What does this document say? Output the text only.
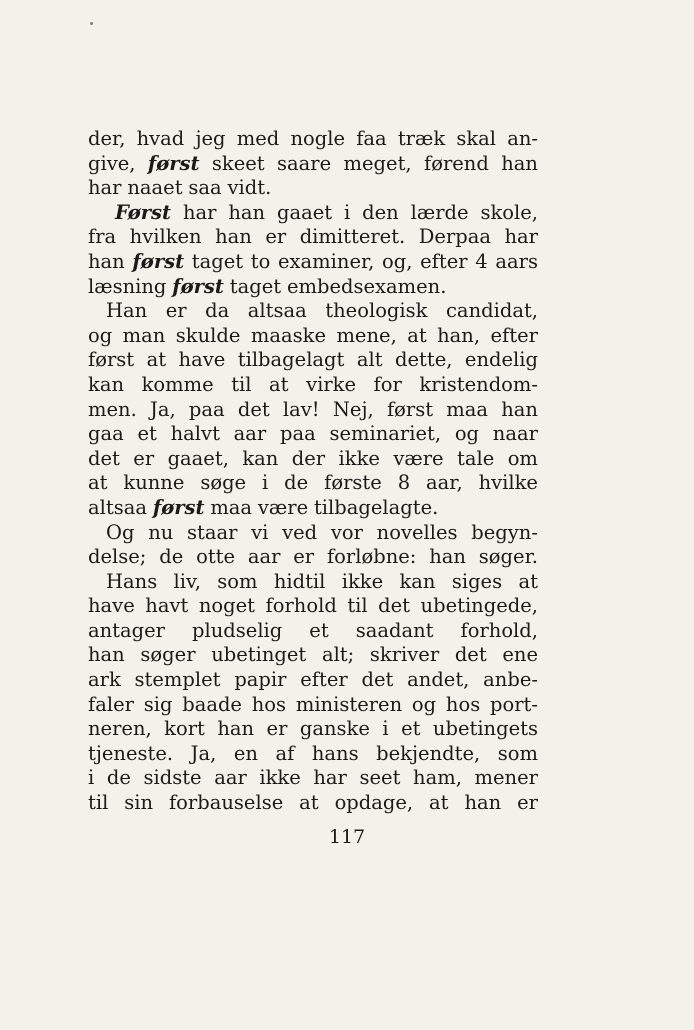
der, hvad jeg med nogle faa træk skal an-
give, først skeet saare meget, førend han
har naaet saa vidt.
Først har han gaaet i den lærde skole,
fra hvilken han er dimitteret. Derpaa har
han først taget to examiner, og, efter 4 aars
læsning først taget embedsexamen.
Han er da altsaa theologisk candidat,
og man skulde maaske mene, at han, efter
først at have tilbagelagt alt dette, endelig
kan komme til at virke for kristendom-
men. Ja, paa det lav! Nej, først maa han
gaa et halvt aar paa seminariet, og naar
det er gaaet, kan der ikke være tale om
at kunne søge i de første 8 aar, hvilke
altsaa først maa være tilbagelagte.
Og nu staar vi ved vor novelles begyn-
delse; de otte aar er forløbne: han søger.
Hans liv, som hidtil ikke kan siges at
have havt noget forhold til det ubetingede,
antager pludselig et saadant forhold,
han søger ubetinget alt; skriver det ene
ark stemplet papir efter det andet, anbe-
faler sig baade hos ministeren og hos port-
neren, kort han er ganske i et ubetingets
tjeneste. Ja, en af hans bekjendte, som
i de sidste aar ikke har seet ham, mener
til sin forbauselse at opdage, at han er
117
